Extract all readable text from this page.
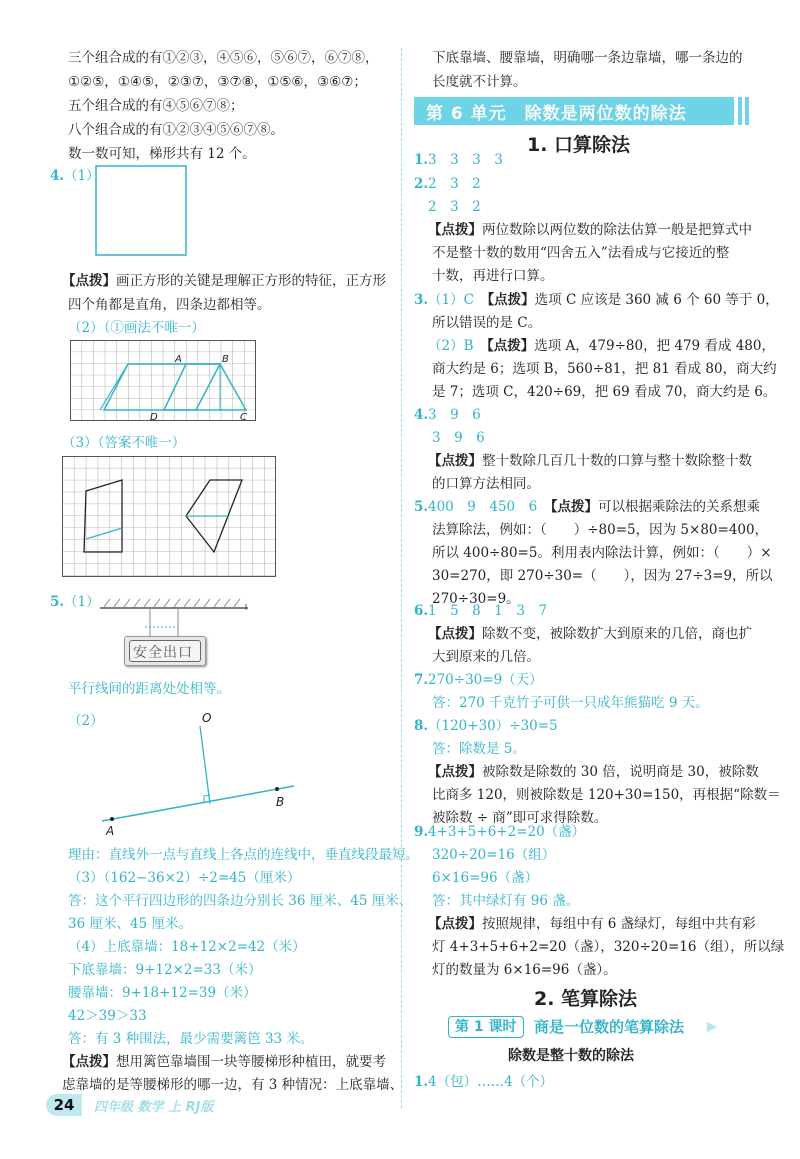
三个组合成的有①②③，④⑤⑥，⑤⑥⑦，⑥⑦⑧，
①②⑤，①④⑤，②③⑦，③⑦⑧，①⑤⑥，③⑥⑦；
五个组合成的有④⑤⑥⑦⑧；
八个组合成的有①②③④⑤⑥⑦⑧。
数一数可知，梯形共有 12 个。
4. （1）
【点拨】画正方形的关键是理解正方形的特征，正方形
四个角都是直角，四条边都相等。
（2）（①画法不唯一）
A	B
C
D
（3）（答案不唯一）
5. （1）
安全出口
平行线间的距离处处相等。
（2）	O
A
B
理由：直线外一点与直线上各点的连线中，垂直线段最短。
（3）（162−36×2）÷2=45（厘米）
答：这个平行四边形的四条边分别长 36 厘米、45 厘米、
36 厘米、45 厘米。
（4）上底靠墙：18+12×2=42（米）
下底靠墙：9+12×2=33（米）
腰靠墙：9+18+12=39（米）
42＞39＞33
答：有 3 种围法，最少需要篱笆 33 米。
【点拨】想用篱笆靠墙围一块等腰梯形种植田，就要考
虑靠墙的是等腰梯形的哪一边，有 3 种情况：上底靠墙、
下底靠墙、腰靠墙，明确哪一条边靠墙，哪一条边的
长度就不计算。
第 6 单元　除数是两位数的除法
1. 口算除法
1. 3　3　3　3
2. 2　3　2
2　3　2
【点拨】两位数除以两位数的除法估算一般是把算式中
不是整十数的数用“四舍五入”法看成与它接近的整
十数，再进行口算。
3. （1）C　 【点拨】选项 C 应该是 360 减 6 个 60 等于 0，
所以错误的是 C。
（2）B　 【点拨】选项 A，479÷80，把 479 看成 480，
商大约是 6；选项 B，560÷81，把 81 看成 80，商大约
是 7；选项 C，420÷69，把 69 看成 70，商大约是 6。
4. 3　9　6
3　9　6
【点拨】整十数除几百几十数的口算与整十数除整十数
的口算方法相同。
5. 400　9　450　6　 【点拨】可以根据乘除法的关系想乘
法算除法，例如：（　　）÷80=5，因为 5×80=400，
所以 400÷80=5。利用表内除法计算，例如：（　　）×
30=270，即 270÷30=（　　），因为 27÷3=9，所以
270÷30=9。
6. 1　5　8　1　3　7
【点拨】除数不变，被除数扩大到原来的几倍，商也扩
大到原来的几倍。
7. 270÷30=9（天）
答：270 千克竹子可供一只成年熊猫吃 9 天。
8. （120+30）÷30=5
答：除数是 5。
【点拨】被除数是除数的 30 倍，说明商是 30，被除数
比商多 120，则被除数是 120+30=150，再根据“除数＝
被除数 ÷ 商”即可求得除数。
9. 4+3+5+6+2=20（盏）
320÷20=16（组）
6×16=96（盏）
答：其中绿灯有 96 盏。
【点拨】按照规律，每组中有 6 盏绿灯，每组中共有彩
灯 4+3+5+6+2=20（盏），320÷20=16（组），所以绿
灯的数量为 6×16=96（盏）。
2. 笔算除法
第 1 课时	商是一位数的笔算除法
除数是整十数的除法
1. 4（包）……4（个）
24	四年级 数学 上 RJ版
